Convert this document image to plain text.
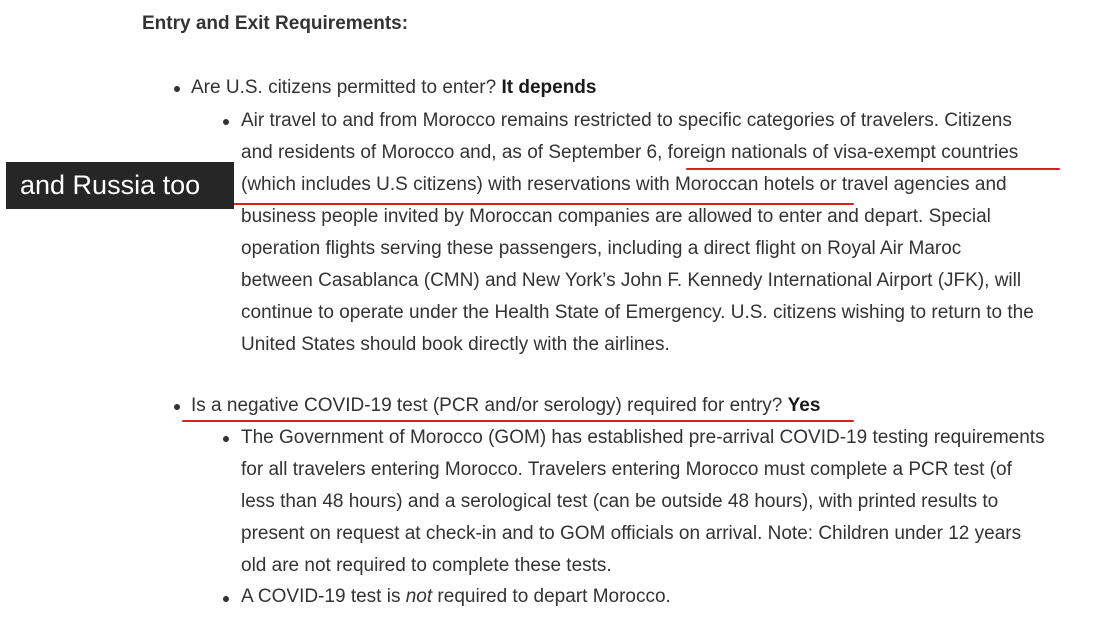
Entry and Exit Requirements:
Are U.S. citizens permitted to enter? It depends
Air travel to and from Morocco remains restricted to specific categories of travelers. Citizens
and residents of Morocco and, as of September 6, foreign nationals of visa-exempt countries
(which includes U.S citizens) with reservations with Moroccan hotels or travel agencies and
business people invited by Moroccan companies are allowed to enter and depart. Special
operation flights serving these passengers, including a direct flight on Royal Air Maroc
between Casablanca (CMN) and New York’s John F. Kennedy International Airport (JFK), will
continue to operate under the Health State of Emergency. U.S. citizens wishing to return to the
United States should book directly with the airlines.
Is a negative COVID-19 test (PCR and/or serology) required for entry? Yes
The Government of Morocco (GOM) has established pre-arrival COVID-19 testing requirements
for all travelers entering Morocco. Travelers entering Morocco must complete a PCR test (of
less than 48 hours) and a serological test (can be outside 48 hours), with printed results to
present on request at check-in and to GOM officials on arrival. Note: Children under 12 years
old are not required to complete these tests.
A COVID-19 test is not required to depart Morocco.
and Russia too
